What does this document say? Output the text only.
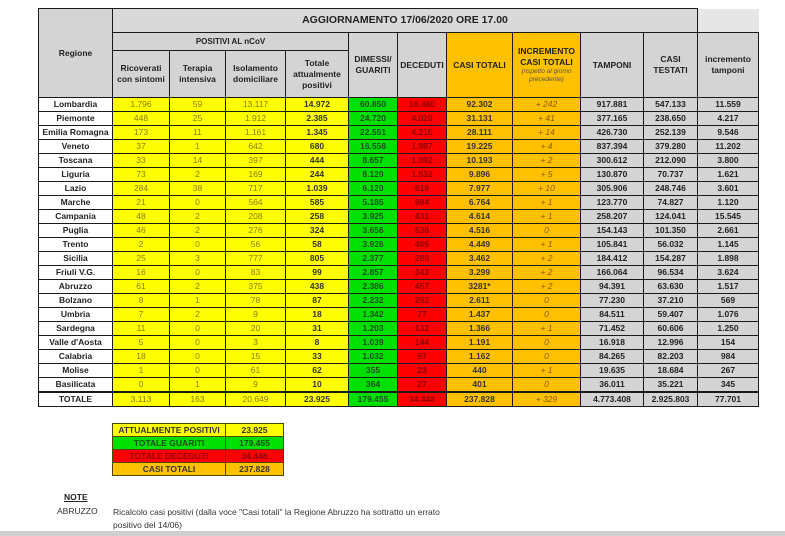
Regione	AGGIORNAMENTO 17/06/2020 ORE 17.00										
	POSITIVI AL nCoV				DIMESSI/ GUARITI	DECEDUTI	CASI TOTALI	INCREMENTO CASI TOTALI
(rispetto al giorno precedente)	TAMPONI	CASI TESTATI	incremento tamponi
	Ricoverati con sintomi	Terapia intensiva	Isolamento domiciliare	Totale attualmente positivi							
Lombardia	1.796	59	13.117	14.972	60.850	16.480	92.302	+ 242	917.881	547.133	11.559
Piemonte	448	25	1.912	2.385	24.720	4.020	31.131	+ 41	377.165	238.650	4.217
Emilia Romagna	173	11	1.161	1.345	22.551	4.215	28.111	+ 14	426.730	252.139	9.546
Veneto	37	1	642	680	16.558	1.987	19.225	+ 4	837.394	379.280	11.202
Toscana	33	14	397	444	8.657	1.092	10.193	+ 2	300.612	212.090	3.800
Liguria	73	2	169	244	8.120	1.532	9.896	+ 5	130.870	70.737	1.621
Lazio	284	38	717	1.039	6.120	818	7.977	+ 10	305.906	248.746	3.601
Marche	21	0	564	585	5.185	994	6.764	+ 1	123.770	74.827	1.120
Campania	48	2	208	258	3.925	431	4.614	+ 1	258.207	124.041	15.545
Puglia	46	2	276	324	3.656	536	4.516	0	154.143	101.350	2.661
Trento	2	0	56	58	3.926	465	4.449	+ 1	105.841	56.032	1.145
Sicilia	25	3	777	805	2.377	280	3.462	+ 2	184.412	154.287	1.898
Friuli V.G.	16	0	83	99	2.857	343	3.299	+ 2	166.064	96.534	3.624
Abruzzo	61	2	375	438	2.386	457	3281*	+ 2	94.391	63.630	1.517
Bolzano	8	1	78	87	2.232	292	2.611	0	77.230	37.210	569
Umbria	7	2	9	18	1.342	77	1.437	0	84.511	59.407	1.076
Sardegna	11	0	20	31	1.203	132	1.366	+ 1	71.452	60.606	1.250
Valle d'Aosta	5	0	3	8	1.039	144	1.191	0	16.918	12.996	154
Calabria	18	0	15	33	1.032	97	1.162	0	84.265	82.203	984
Molise	1	0	61	62	355	23	440	+ 1	19.635	18.684	267
Basilicata	0	1	9	10	364	27	401	0	36.011	35.221	345
TOTALE	3.113	163	20.649	23.925	179.455	34.448	237.828	+ 329	4.773.408	2.925.803	77.701
ATTUALMENTE POSITIVI	23.925
TOTALE GUARITI	179.455
TOTALE DECEDUTI	34.448
CASI TOTALI	237.828
NOTE
ABRUZZO Ricalcolo casi positivi (dalla voce "Casi totali" la Regione Abruzzo ha sottratto un errato positivo del 14/06)
